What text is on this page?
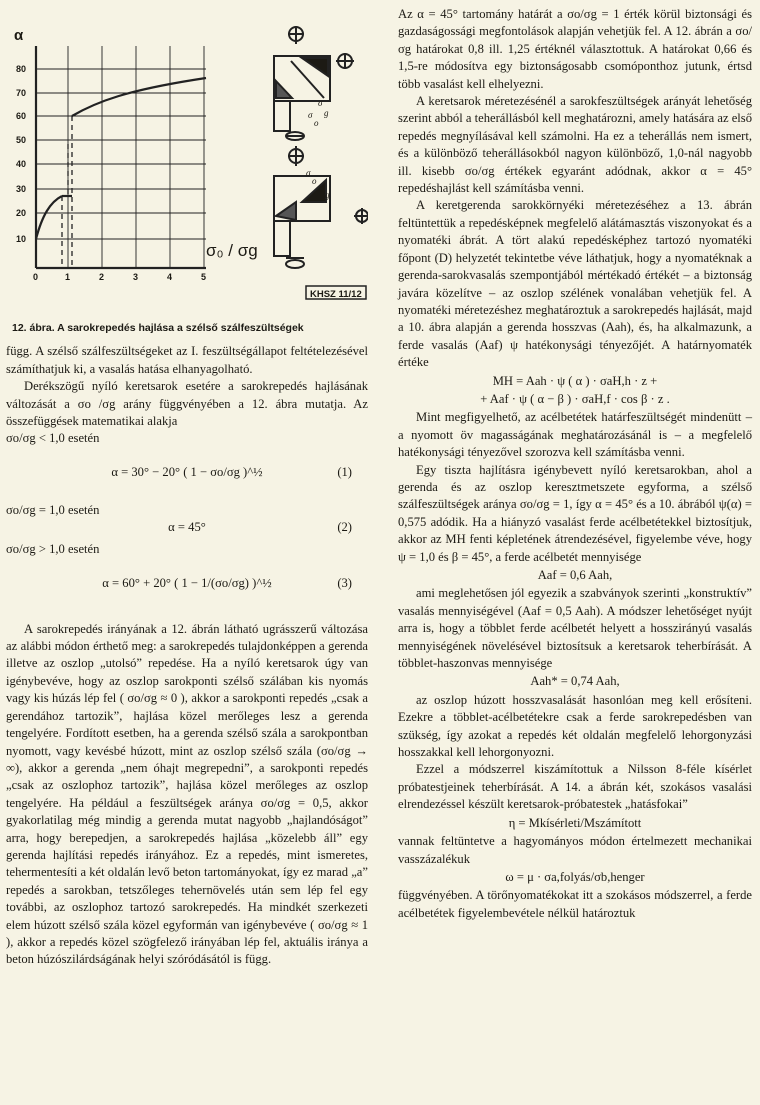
α
80
70
60
50
40
30
20
10
0	1	2	3	4	5
σ₀ / σg
σ
g
σ
o
σ
o
σ
g
KHSZ 11/12
12. ábra. A sarokrepedés hajlása a szélső szálfeszültségek

függ. A szélső szálfeszültségeket az I. feszültségállapot feltételezésével számíthatjuk ki, a vasalás hatása elhanyagolható.

Derékszögű nyíló keretsarok esetére a sarokrepedés hajlásának változását a σo /σg arány függvényében a 12. ábra mutatja. Az összefüggések matematikai alakja

σo/σg < 1,0 esetén

α = 30° − 20° ( 1 − σo/σg )^½	(1)

σo/σg = 1,0 esetén

α = 45°	(2)

σo/σg > 1,0 esetén

α = 60° + 20° ( 1 − 1/(σo/σg) )^½	(3)

A sarokrepedés irányának a 12. ábrán látható ugrásszerű változása az alábbi módon érthető meg: a sarokrepedés tulajdonképpen a gerenda illetve az oszlop „utolsó” repedése. Ha a nyíló keretsarok úgy van igénybevéve, hogy az oszlop sarokponti szélső szálában kis nyomás vagy kis húzás lép fel ( σo/σg ≈ 0 ), akkor a sarokponti repedés „csak a gerendához tartozik”, hajlása közel merőleges lesz a gerenda tengelyére. Fordított esetben, ha a gerenda szélső szála a sarokpontban nyomott, vagy kevésbé húzott, mint az oszlop szélső szála (σo/σg → ∞), akkor a gerenda „nem óhajt megrepedni”, a sarokponti repedés „csak az oszlophoz tartozik”, hajlása közel merőleges az oszlop tengelyére. Ha például a feszültségek aránya σo/σg = 0,5, akkor gyakorlatilag még mindig a gerenda mutat nagyobb „hajlandóságot” arra, hogy berepedjen, a sarokrepedés hajlása „közelebb áll” egy gerenda hajlítási repedés irányához. Ez a repedés, mint ismeretes, tehermentesíti a két oldalán levő beton tartományokat, így ez marad „a” repedés a sarokban, tetszőleges tehernövelés után sem lép fel egy további, az oszlophoz tartozó sarokrepedés. Ha mindkét szerkezeti elem húzott szélső szála közel egyformán van igénybevéve ( σo/σg ≈ 1 ), akkor a repedés közel szögfelező irányában lép fel, aktuális iránya a beton húzószilárdságának helyi szóródásától is függ.

Az α = 45° tartomány határát a σo/σg = 1 érték körül biztonsági és gazdaságossági megfontolások alapján vehetjük fel. A 12. ábrán a σo/σg határokat 0,8 ill. 1,25 értéknél választottuk. A határokat 0,66 és 1,5-re módosítva egy biztonságosabb csomóponthoz jutunk, értsd több vasalást kell elhelyezni.

A keretsarok méretezésénél a sarokfeszültségek arányát lehetőség szerint abból a teherállásból kell meghatározni, amely hatására az első repedés megnyílásával kell számolni. Ha ez a teherállás nem ismert, és a különböző teherállásokból nagyon különböző, 1,0-nál nagyobb ill. kisebb σo/σg értékek egyaránt adódnak, akkor α = 45° repedéshajlást kell számításba venni.

A keretgerenda sarokkörnyéki méretezéséhez a 13. ábrán feltüntettük a repedésképnek megfelelő alátámasztás viszonyokat és a nyomatéki ábrát. A tört alakú repedésképhez tartozó nyomatéki főpont (D) helyzetét tekintetbe véve láthatjuk, hogy a nyomatéknak a gerenda-sarokvasalás szempontjából mértékadó értékét – a biztonság javára közelítve – az oszlop szélének vonalában vehetjük fel. A nyomatéki méretezéshez meghatároztuk a sarokrepedés hajlását, majd a 10. ábra alapján a gerenda hosszvas (Aah), és, ha alkalmazunk, a ferde vasalás (Aaf) ψ hatékonysági tényezőjét. A határnyomaték értéke

MH = Aah · ψ ( α ) · σaH,h · z +

+ Aaf · ψ ( α − β ) · σaH,f · cos β · z .

Mint megfigyelhető, az acélbetétek határfeszültségét mindenütt – a nyomott öv magasságának meghatározásánál is – a megfelelő hatékonysági tényezővel szorozva kell számításba venni.

Egy tiszta hajlításra igénybevett nyíló keretsarokban, ahol a gerenda és az oszlop keresztmetszete egyforma, a szélső szálfeszültségek aránya σo/σg = 1, így α = 45° és a 10. ábrából ψ(α) = 0,575 adódik. Ha a hiányzó vasalást ferde acélbetétekkel biztosítjuk, akkor az MH fenti képletének átrendezésével, figyelembe véve, hogy ψ = 1,0 és β = 45°, a ferde acélbetét mennyisége

Aaf = 0,6 Aah,

ami meglehetősen jól egyezik a szabványok szerinti „konstruktív” vasalás mennyiségével (Aaf = 0,5 Aah). A módszer lehetőséget nyújt arra is, hogy a többlet ferde acélbetét helyett a hosszirányú vasalás mennyiségének növelésével biztosítsuk a keretsarok teherbírását. A többlet-haszonvas mennyisége

Aah* = 0,74 Aah,

az oszlop húzott hosszvasalását hasonlóan meg kell erősíteni. Ezekre a többlet-acélbetétekre csak a ferde sarokrepedésben van szükség, így azokat a repedés két oldalán megfelelő lehorgonyzási hosszakkal kell lehorgonyozni.

Ezzel a módszerrel kiszámítottuk a Nilsson 8-féle kísérlet próbatestjeinek teherbírását. A 14. a ábrán két, szokásos vasalási elrendezéssel készült keretsarok-próbatestek „hatásfokai”

η = Mkísérleti/Mszámított

vannak feltüntetve a hagyományos módon értelmezett mechanikai vasszázalékuk

ω = μ · σa,folyás/σb,henger

függvényében. A törőnyomatékokat itt a szokásos módszerrel, a ferde acélbetétek figyelembevétele nélkül határoztuk
